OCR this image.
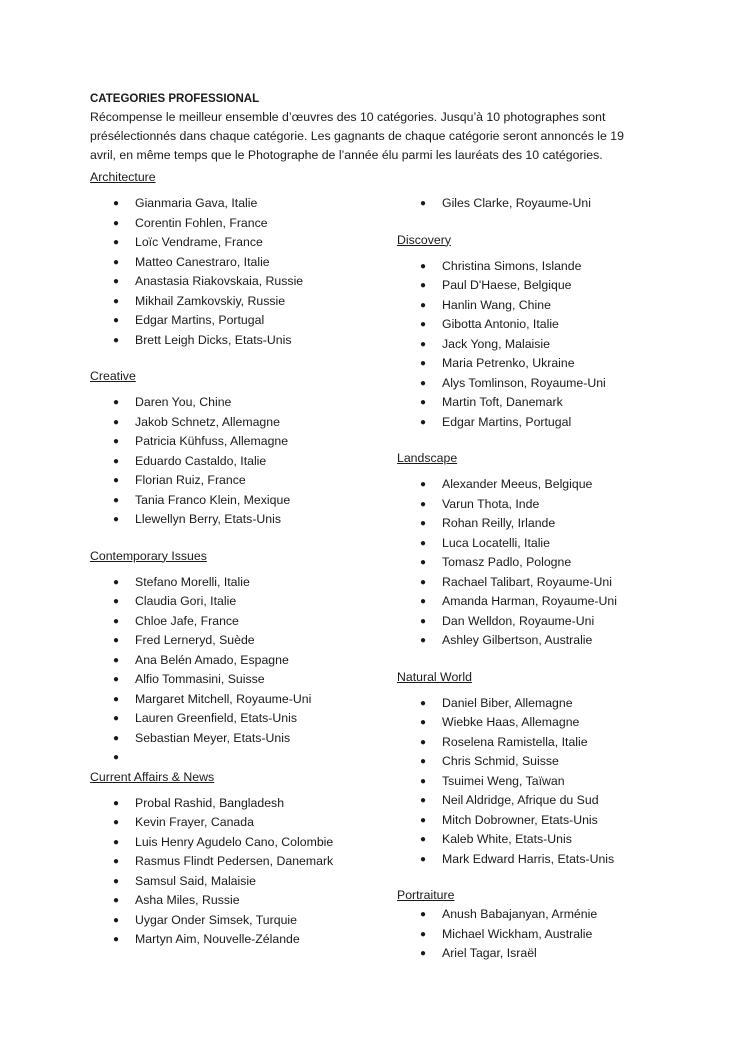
CATEGORIES PROFESSIONAL
Récompense le meilleur ensemble d’œuvres des 10 catégories. Jusqu’à 10 photographes sont présélectionnés dans chaque catégorie. Les gagnants de chaque catégorie seront annoncés le 19 avril, en même temps que le Photographe de l’année élu parmi les lauréats des 10 catégories.
Architecture
● Gianmaria Gava, Italie
● Corentin Fohlen, France
● Loïc Vendrame, France
● Matteo Canestraro, Italie
● Anastasia Riakovskaia, Russie
● Mikhail Zamkovskiy, Russie
● Edgar Martins, Portugal
● Brett Leigh Dicks, Etats-Unis
Creative
● Daren You, Chine
● Jakob Schnetz, Allemagne
● Patricia Kühfuss, Allemagne
● Eduardo Castaldo, Italie
● Florian Ruiz, France
● Tania Franco Klein, Mexique
● Llewellyn Berry, Etats-Unis
Contemporary Issues
● Stefano Morelli, Italie
● Claudia Gori, Italie
● Chloe Jafe, France
● Fred Lerneryd, Suède
● Ana Belén Amado, Espagne
● Alfio Tommasini, Suisse
● Margaret Mitchell, Royaume-Uni
● Lauren Greenfield, Etats-Unis
● Sebastian Meyer, Etats-Unis
●
Current Affairs & News
● Probal Rashid, Bangladesh
● Kevin Frayer, Canada
● Luis Henry Agudelo Cano, Colombie
● Rasmus Flindt Pedersen, Danemark
● Samsul Said, Malaisie
● Asha Miles, Russie
● Uygar Onder Simsek, Turquie
● Martyn Aim, Nouvelle-Zélande
● Giles Clarke, Royaume-Uni
Discovery
● Christina Simons, Islande
● Paul D'Haese, Belgique
● Hanlin Wang, Chine
● Gibotta Antonio, Italie
● Jack Yong, Malaisie
● Maria Petrenko, Ukraine
● Alys Tomlinson, Royaume-Uni
● Martin Toft, Danemark
● Edgar Martins, Portugal
Landscape
● Alexander Meeus, Belgique
● Varun Thota, Inde
● Rohan Reilly, Irlande
● Luca Locatelli, Italie
● Tomasz Padlo, Pologne
● Rachael Talibart, Royaume-Uni
● Amanda Harman, Royaume-Uni
● Dan Welldon, Royaume-Uni
● Ashley Gilbertson, Australie
Natural World
● Daniel Biber, Allemagne
● Wiebke Haas, Allemagne
● Roselena Ramistella, Italie
● Chris Schmid, Suisse
● Tsuimei Weng, Taïwan
● Neil Aldridge, Afrique du Sud
● Mitch Dobrowner, Etats-Unis
● Kaleb White, Etats-Unis
● Mark Edward Harris, Etats-Unis
Portraiture
● Anush Babajanyan, Arménie
● Michael Wickham, Australie
● Ariel Tagar, Israël
